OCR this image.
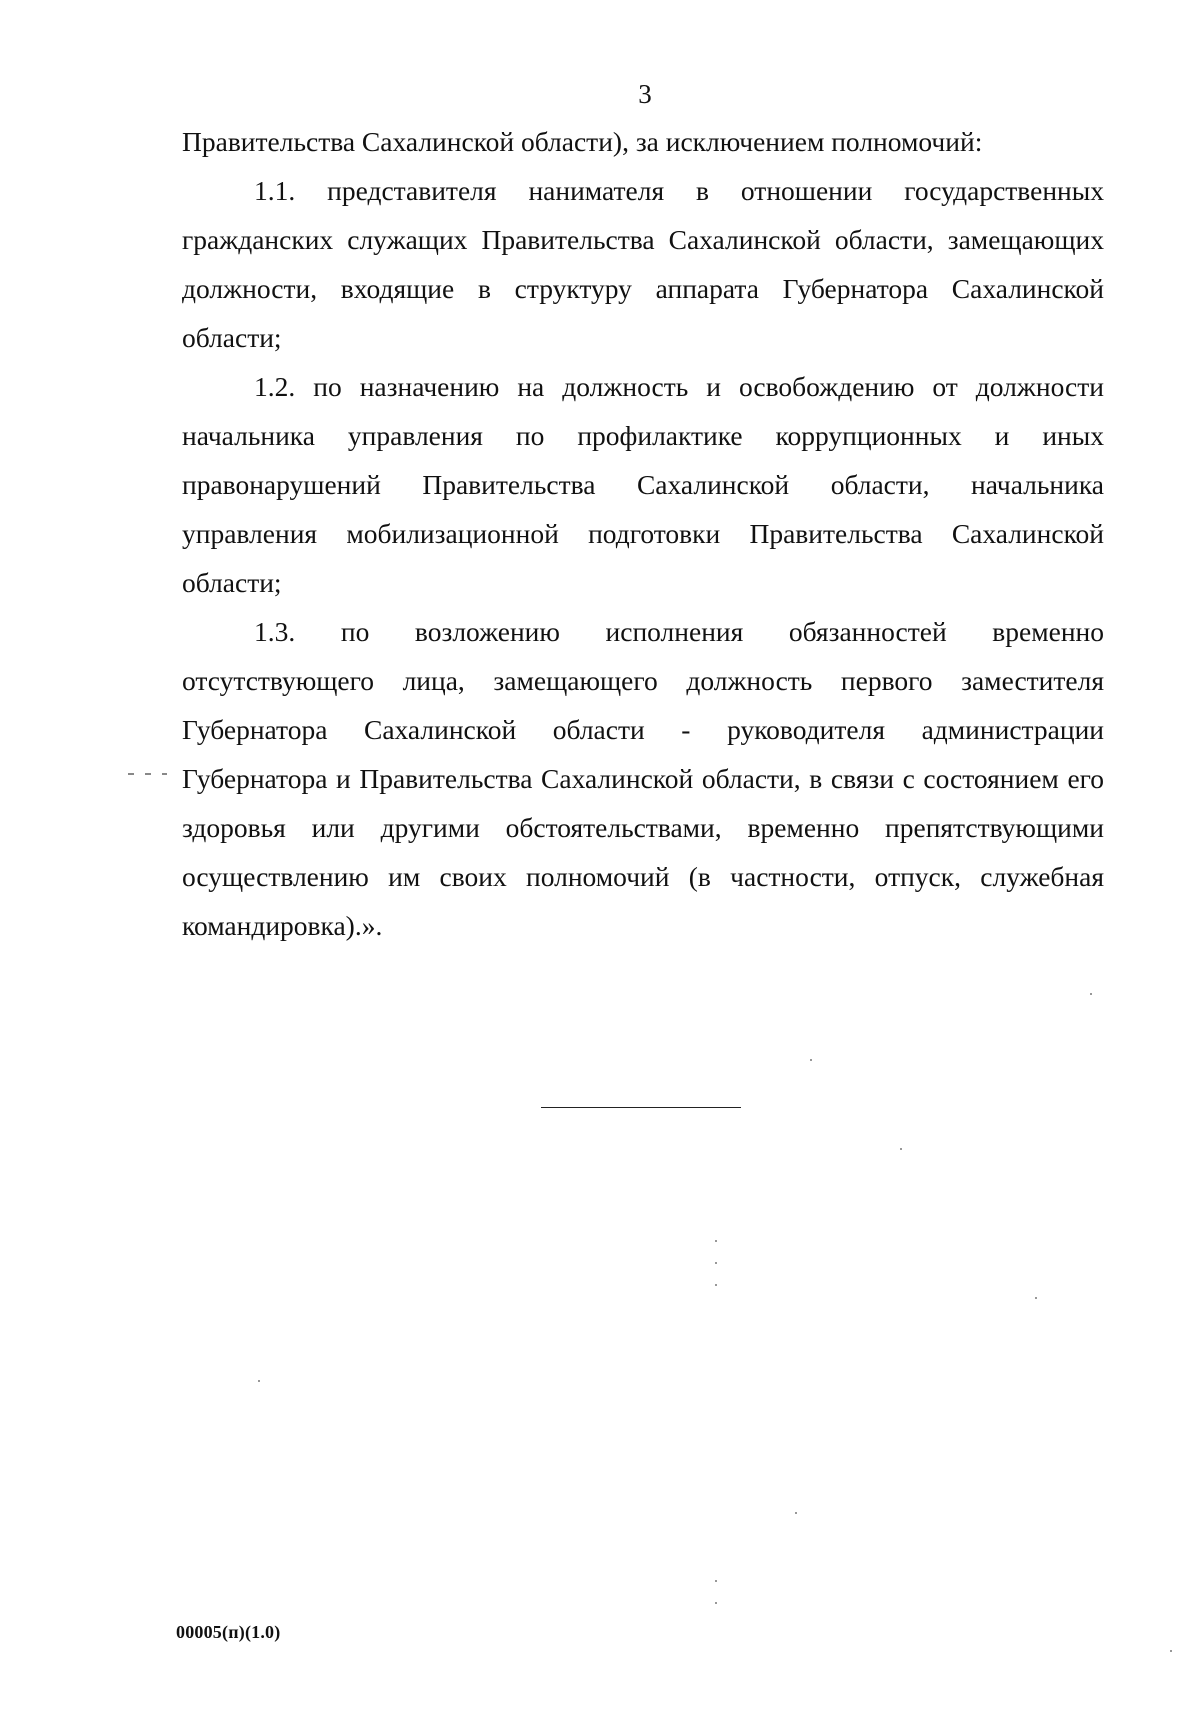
3

Правительства Сахалинской области), за исключением полномочий:

1.1. представителя нанимателя в отношении государственных гражданских служащих Правительства Сахалинской области, замещающих должности, входящие в структуру аппарата Губернатора Сахалинской области;

1.2. по назначению на должность и освобождению от должности начальника управления по профилактике коррупционных и иных правонарушений Правительства Сахалинской области, начальника управления мобилизационной подготовки Правительства Сахалинской области;

1.3. по возложению исполнения обязанностей временно отсутствующего лица, замещающего должность первого заместителя Губернатора Сахалинской области - руководителя администрации Губернатора и Правительства Сахалинской области, в связи с состоянием его здоровья или другими обстоятельствами, временно препятствующими осуществлению им своих полномочий (в частности, отпуск, служебная командировка).».

00005(п)(1.0)
